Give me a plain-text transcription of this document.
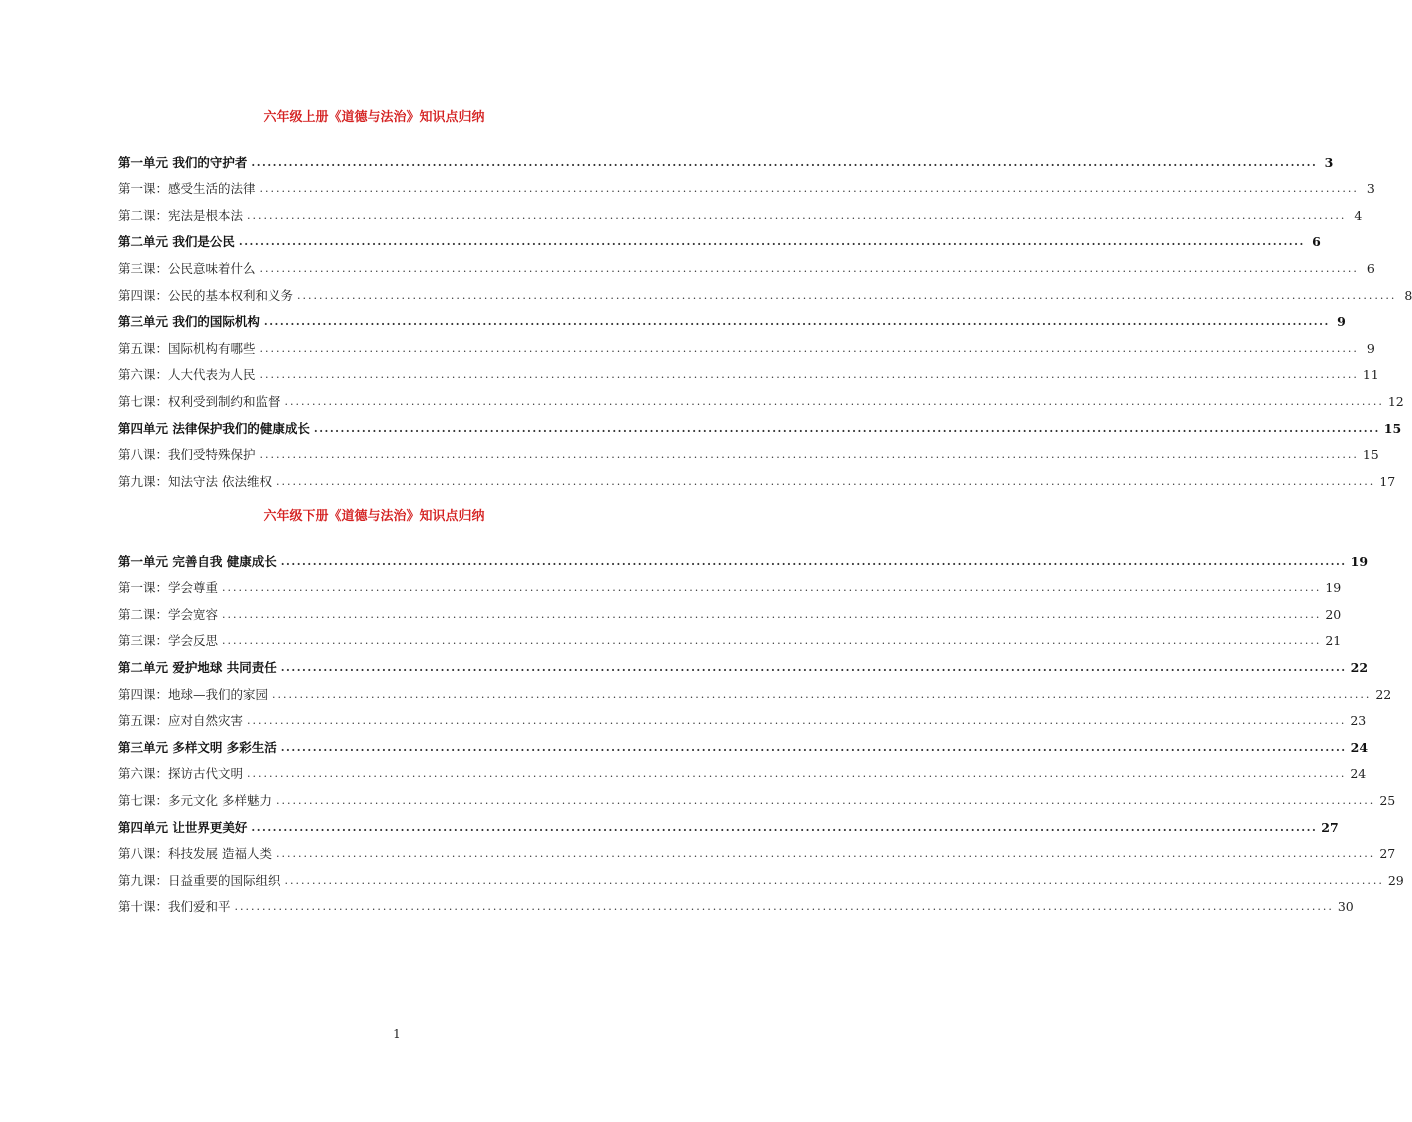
六年级上册《道德与法治》知识点归纳
第一单元 我们的守护者 ........................................................................................................................................................................................................ 3
第一课：感受生活的法律 ........................................................................................................................................................................................................ 3
第二课：宪法是根本法 ........................................................................................................................................................................................................ 4
第二单元 我们是公民 ........................................................................................................................................................................................................ 6
第三课：公民意味着什么 ........................................................................................................................................................................................................ 6
第四课：公民的基本权利和义务 ........................................................................................................................................................................................................ 8
第三单元 我们的国际机构 ........................................................................................................................................................................................................ 9
第五课：国际机构有哪些 ........................................................................................................................................................................................................ 9
第六课：人大代表为人民 ........................................................................................................................................................................................................ 11
第七课：权利受到制约和监督 ........................................................................................................................................................................................................ 12
第四单元 法律保护我们的健康成长 ........................................................................................................................................................................................................ 15
第八课：我们受特殊保护 ........................................................................................................................................................................................................ 15
第九课：知法守法 依法维权 ........................................................................................................................................................................................................ 17
六年级下册《道德与法治》知识点归纳
第一单元 完善自我 健康成长 ........................................................................................................................................................................................................ 19
第一课：学会尊重 ........................................................................................................................................................................................................ 19
第二课：学会宽容 ........................................................................................................................................................................................................ 20
第三课：学会反思 ........................................................................................................................................................................................................ 21
第二单元 爱护地球 共同责任 ........................................................................................................................................................................................................ 22
第四课：地球—我们的家园 ........................................................................................................................................................................................................ 22
第五课：应对自然灾害 ........................................................................................................................................................................................................ 23
第三单元 多样文明 多彩生活 ........................................................................................................................................................................................................ 24
第六课：探访古代文明 ........................................................................................................................................................................................................ 24
第七课：多元文化 多样魅力 ........................................................................................................................................................................................................ 25
第四单元 让世界更美好 ........................................................................................................................................................................................................ 27
第八课：科技发展 造福人类 ........................................................................................................................................................................................................ 27
第九课：日益重要的国际组织 ........................................................................................................................................................................................................ 29
第十课：我们爱和平 ........................................................................................................................................................................................................ 30
1
